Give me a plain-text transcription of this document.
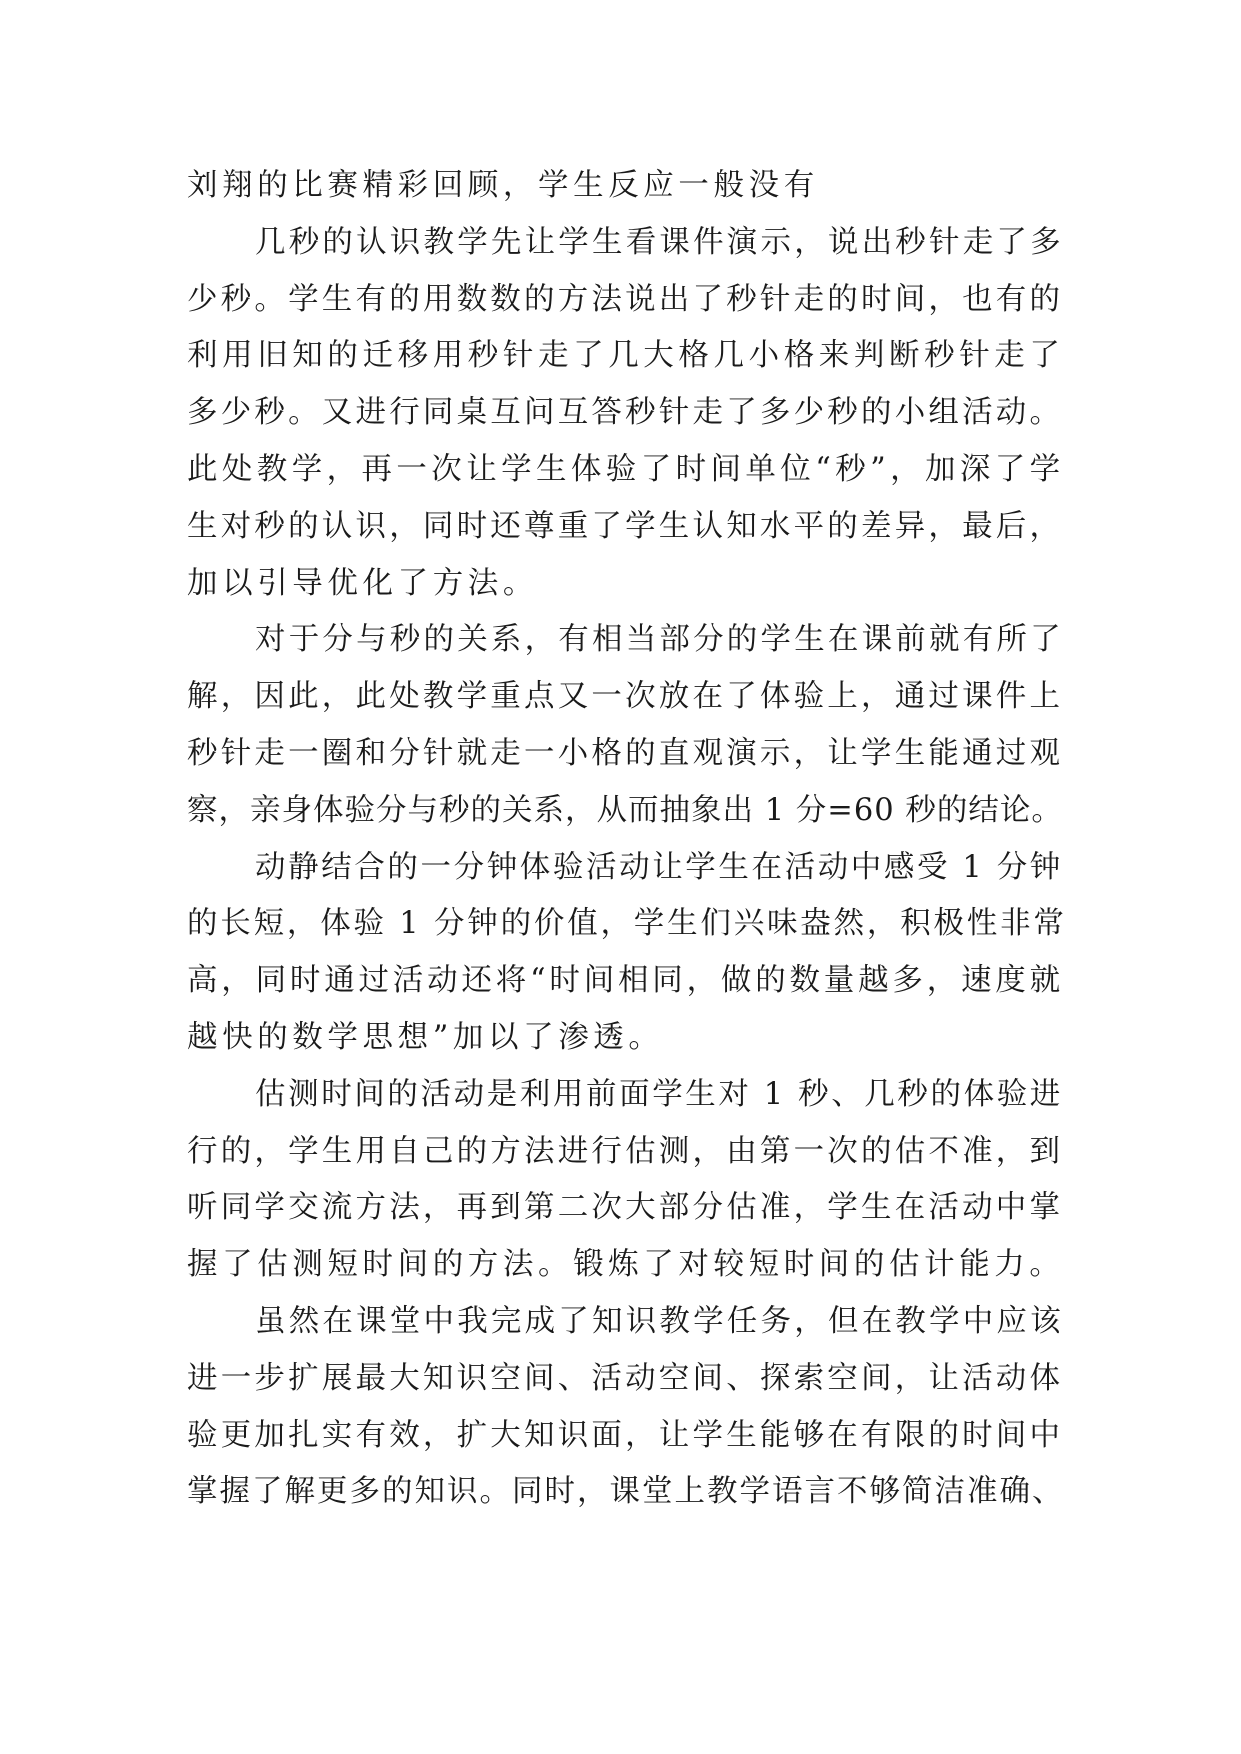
刘翔的比赛精彩回顾，学生反应一般没有
几秒的认识教学先让学生看课件演示，说出秒针走了多
少秒。学生有的用数数的方法说出了秒针走的时间，也有的
利用旧知的迁移用秒针走了几大格几小格来判断秒针走了
多少秒。又进行同桌互问互答秒针走了多少秒的小组活动。
此处教学，再一次让学生体验了时间单位“秒”，加深了学
生对秒的认识，同时还尊重了学生认知水平的差异，最后，
加以引导优化了方法。
对于分与秒的关系，有相当部分的学生在课前就有所了
解，因此，此处教学重点又一次放在了体验上，通过课件上
秒针走一圈和分针就走一小格的直观演示，让学生能通过观
察，亲身体验分与秒的关系，从而抽象出 1 分=60 秒的结论。
动静结合的一分钟体验活动让学生在活动中感受 1 分钟
的长短，体验 1 分钟的价值，学生们兴味盎然，积极性非常
高，同时通过活动还将“时间相同，做的数量越多，速度就
越快的数学思想”加以了渗透。
估测时间的活动是利用前面学生对 1 秒、几秒的体验进
行的，学生用自己的方法进行估测，由第一次的估不准，到
听同学交流方法，再到第二次大部分估准，学生在活动中掌
握了估测短时间的方法。锻炼了对较短时间的估计能力。
虽然在课堂中我完成了知识教学任务，但在教学中应该
进一步扩展最大知识空间、活动空间、探索空间，让活动体
验更加扎实有效，扩大知识面，让学生能够在有限的时间中
掌握了解更多的知识。同时，课堂上教学语言不够简洁准确、
